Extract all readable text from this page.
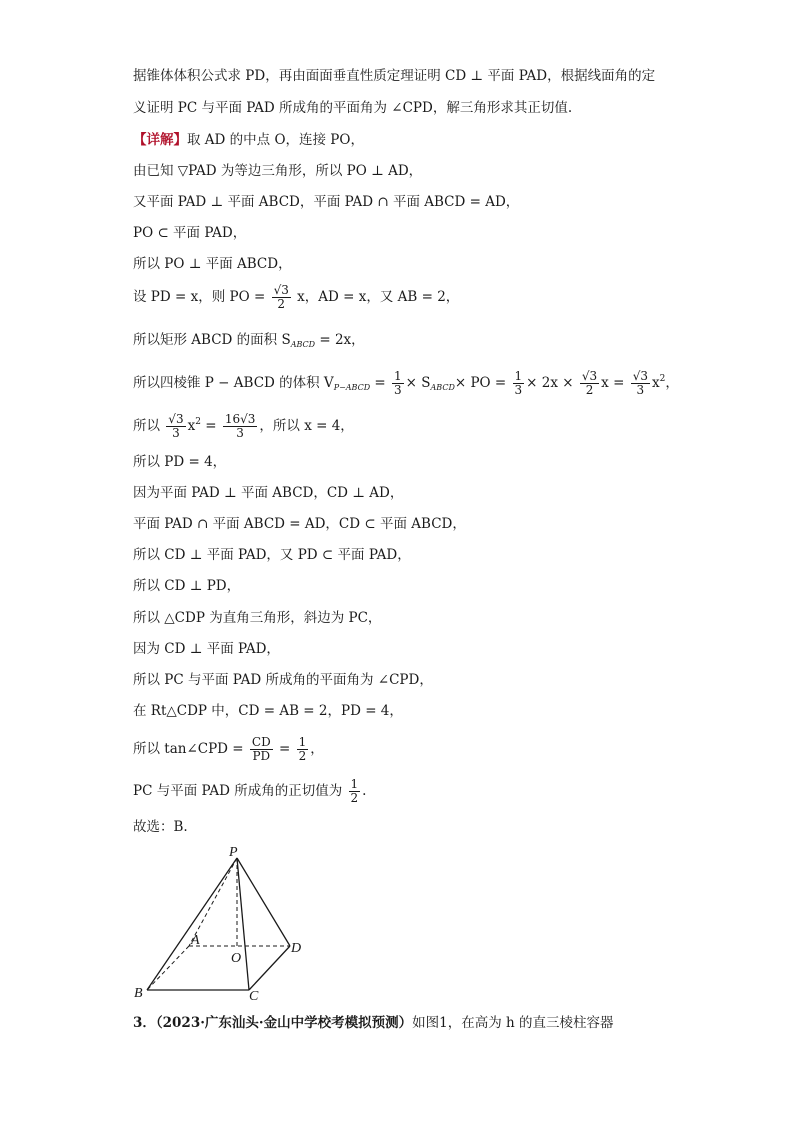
据锥体体积公式求 PD，再由面面垂直性质定理证明 CD ⊥ 平面 PAD，根据线面角的定
义证明 PC 与平面 PAD 所成角的平面角为 ∠CPD，解三角形求其正切值.
【详解】取 AD 的中点 O，连接 PO，
由已知 ▽PAD 为等边三角形，所以 PO ⊥ AD，
又平面 PAD ⊥ 平面 ABCD，平面 PAD ∩ 平面 ABCD = AD，
PO ⊂ 平面 PAD，
所以 PO ⊥ 平面 ABCD，
设 PD = x，则 PO = $\frac{√3}{2}$ x，AD = x，又 AB = 2，
所以矩形 ABCD 的面积 $S_{ABCD} = 2x$，
所以四棱锥 P − ABCD 的体积 $V_{P-ABCD} = \frac{1}{3} \times S_{ABCD}\times$ PO = $\frac{1}{3} \times 2x \times \frac{√3}{2}$ $x = \frac{√3}{3} x^2$，
所以 $\frac{√3}{3} x^2 = \frac{16√3}{3}$ ，所以 x = 4，
所以 PD = 4，
因为平面 PAD ⊥ 平面 ABCD，CD ⊥ AD，
平面 PAD ∩ 平面 ABCD = AD，CD ⊂ 平面 ABCD，
所以 CD ⊥ 平面 PAD，又 PD ⊂ 平面 PAD，
所以 CD ⊥ PD，
所以 △CDP 为直角三角形，斜边为 PC，
因为 CD ⊥ 平面 PAD，
所以 PC 与平面 PAD 所成角的平面角为 ∠CPD，
在 Rt△CDP 中，CD = AB = 2，PD = 4，
所以 tan∠CPD = $\frac{CD}{PD} = \frac{1}{2}$ ，
PC 与平面 PAD 所成角的正切值为 $\frac{1}{2}$ .
故选：B.
P
A
O
D
B	C
3．（2023·广东汕头·金山中学校考模拟预测）如图1，在高为 h 的直三棱柱容器
